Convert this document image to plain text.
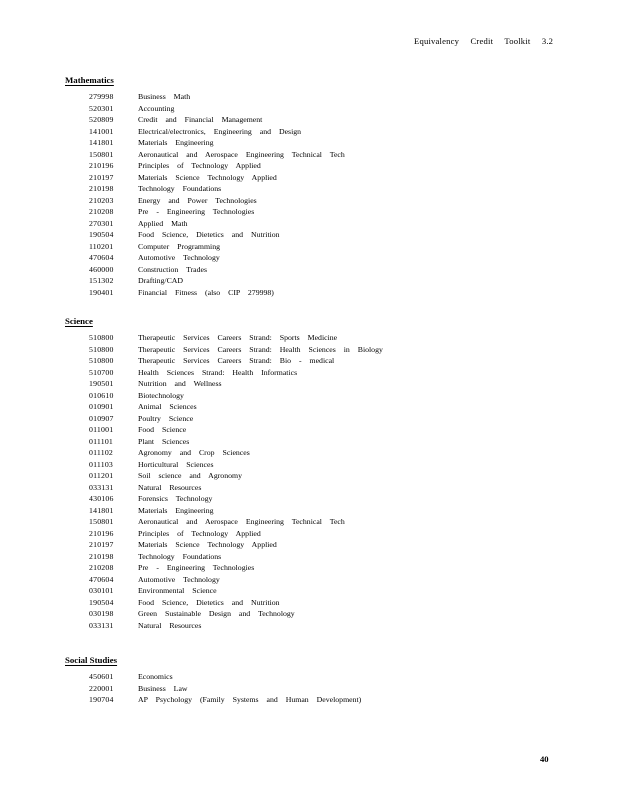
Equivalency Credit Toolkit 3.2
Mathematics
279998	Business Math
520301	Accounting
520809	Credit and Financial Management
141001	Electrical/electronics, Engineering and Design
141801	Materials Engineering
150801	Aeronautical and Aerospace Engineering Technical Tech
210196	Principles of Technology Applied
210197	Materials Science Technology Applied
210198	Technology Foundations
210203	Energy and Power Technologies
210208	Pre - Engineering Technologies
270301	Applied Math
190504	Food Science, Dietetics and Nutrition
110201	Computer Programming
470604	Automotive Technology
460000	Construction Trades
151302	Drafting/CAD
190401	Financial Fitness (also CIP 279998)
Science
510800	Therapeutic Services Careers Strand: Sports Medicine
510800	Therapeutic Services Careers Strand: Health Sciences in Biology
510800	Therapeutic Services Careers Strand: Bio - medical
510700	Health Sciences Strand: Health Informatics
190501	Nutrition and Wellness
010610	Biotechnology
010901	Animal Sciences
010907	Poultry Science
011001	Food Science
011101	Plant Sciences
011102	Agronomy and Crop Sciences
011103	Horticultural Sciences
011201	Soil science and Agronomy
033131	Natural Resources
430106	Forensics Technology
141801	Materials Engineering
150801	Aeronautical and Aerospace Engineering Technical Tech
210196	Principles of Technology Applied
210197	Materials Science Technology Applied
210198	Technology Foundations
210208	Pre - Engineering Technologies
470604	Automotive Technology
030101	Environmental Science
190504	Food Science, Dietetics and Nutrition
030198	Green Sustainable Design and Technology
033131	Natural Resources
Social Studies
450601	Economics
220001	Business Law
190704	AP Psychology (Family Systems and Human Development)
40
